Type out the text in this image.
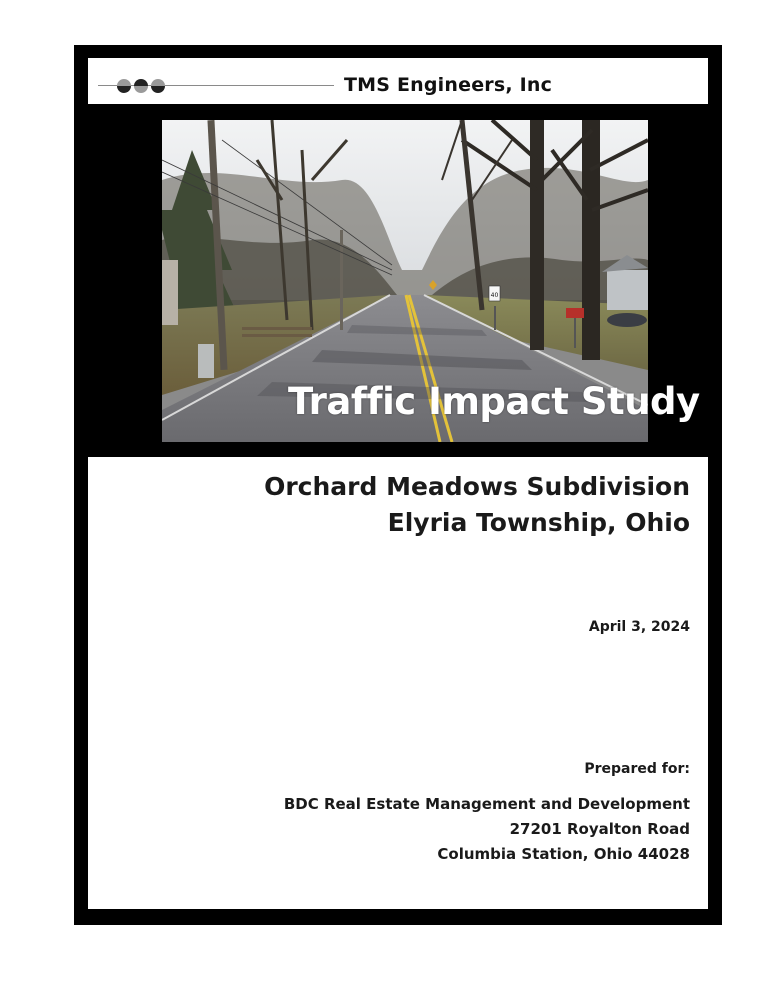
TMS Engineers, Inc
40
Traffic Impact Study
Orchard Meadows Subdivision
Elyria Township, Ohio
April 3, 2024
Prepared for:
BDC Real Estate Management and Development
27201 Royalton Road
Columbia Station, Ohio 44028
